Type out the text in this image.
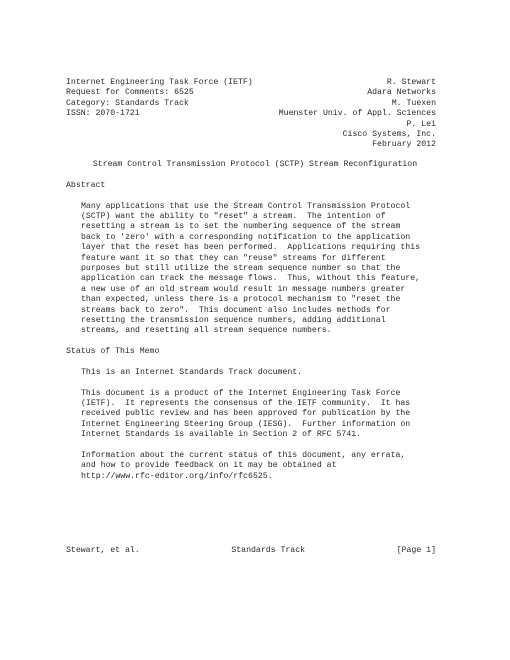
Internet Engineering Task Force (IETF)	R. Stewart
Request for Comments: 6525	Adara Networks
Category: Standards Track	M. Tuexen
ISSN: 2070-1721	Muenster Univ. of Appl. Sciences
P. Lei
Cisco Systems, Inc.
February 2012
Stream Control Transmission Protocol (SCTP) Stream Reconfiguration
Abstract
Many applications that use the Stream Control Transmission Protocol
(SCTP) want the ability to "reset" a stream.  The intention of
resetting a stream is to set the numbering sequence of the stream
back to 'zero' with a corresponding notification to the application
layer that the reset has been performed.  Applications requiring this
feature want it so that they can "reuse" streams for different
purposes but still utilize the stream sequence number so that the
application can track the message flows.  Thus, without this feature,
a new use of an old stream would result in message numbers greater
than expected, unless there is a protocol mechanism to "reset the
streams back to zero".  This document also includes methods for
resetting the transmission sequence numbers, adding additional
streams, and resetting all stream sequence numbers.
Status of This Memo
This is an Internet Standards Track document.
This document is a product of the Internet Engineering Task Force
(IETF).  It represents the consensus of the IETF community.  It has
received public review and has been approved for publication by the
Internet Engineering Steering Group (IESG).  Further information on
Internet Standards is available in Section 2 of RFC 5741.
Information about the current status of this document, any errata,
and how to provide feedback on it may be obtained at
http://www.rfc-editor.org/info/rfc6525.
Stewart, et al.	Standards Track	[Page 1]
